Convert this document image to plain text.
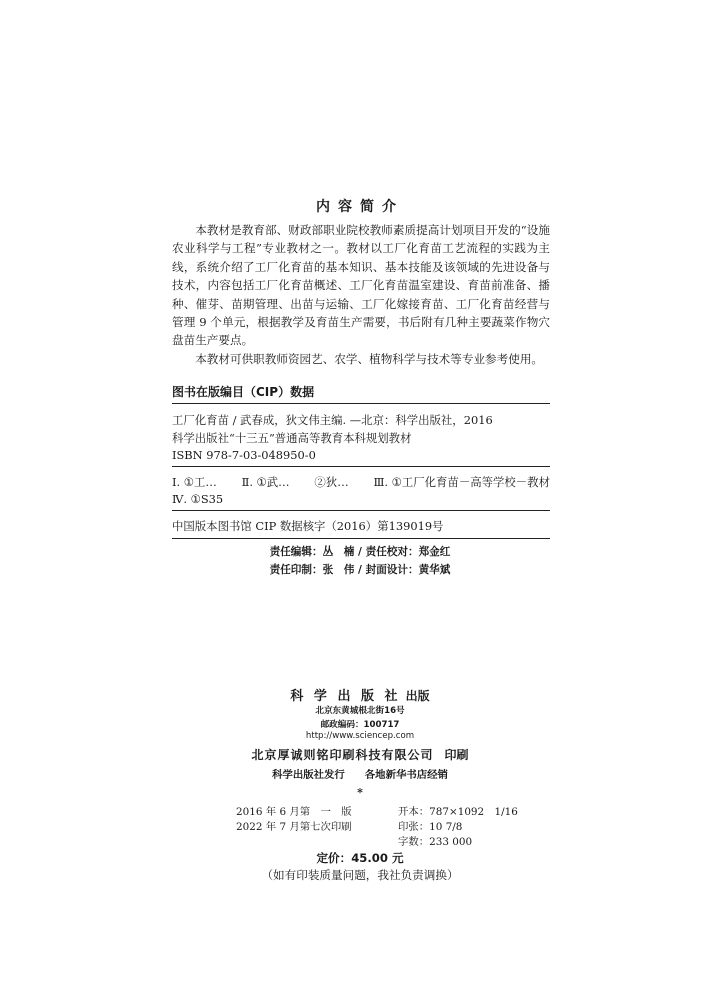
内容简介

本教材是教育部、财政部职业院校教师素质提高计划项目开发的“设施农业科学与工程”专业教材之一。教材以工厂化育苗工艺流程的实践为主线，系统介绍了工厂化育苗的基本知识、基本技能及该领域的先进设备与技术，内容包括工厂化育苗概述、工厂化育苗温室建设、育苗前准备、播种、催芽、苗期管理、出苗与运输、工厂化嫁接育苗、工厂化育苗经营与管理 9 个单元，根据教学及育苗生产需要，书后附有几种主要蔬菜作物穴盘苗生产要点。

本教材可供职教师资园艺、农学、植物科学与技术等专业参考使用。

图书在版编目（CIP）数据
工厂化育苗 / 武春成，狄文伟主编. —北京：科学出版社，2016
科学出版社“十三五”普通高等教育本科规划教材
ISBN 978-7-03-048950-0
Ⅰ. ①工… Ⅱ. ①武… ②狄… Ⅲ. ①工厂化育苗－高等学校－教材
Ⅳ. ①S35
中国版本图书馆 CIP 数据核字（2016）第139019号
责任编辑：丛　楠 / 责任校对：郑金红
责任印制：张　伟 / 封面设计：黄华斌
科 学 出 版 社 出版
北京东黄城根北街16号
邮政编码：100717
http://www.sciencep.com
北京厚诚则铭印刷科技有限公司 印刷
科学出版社发行 各地新华书店经销
*
2016 年 6 月第　一　版	开本：787×1092　1/16
2022 年 7 月第七次印刷	印张：10 7/8
字数：233 000
定价：45.00 元
（如有印装质量问题，我社负责调换）
